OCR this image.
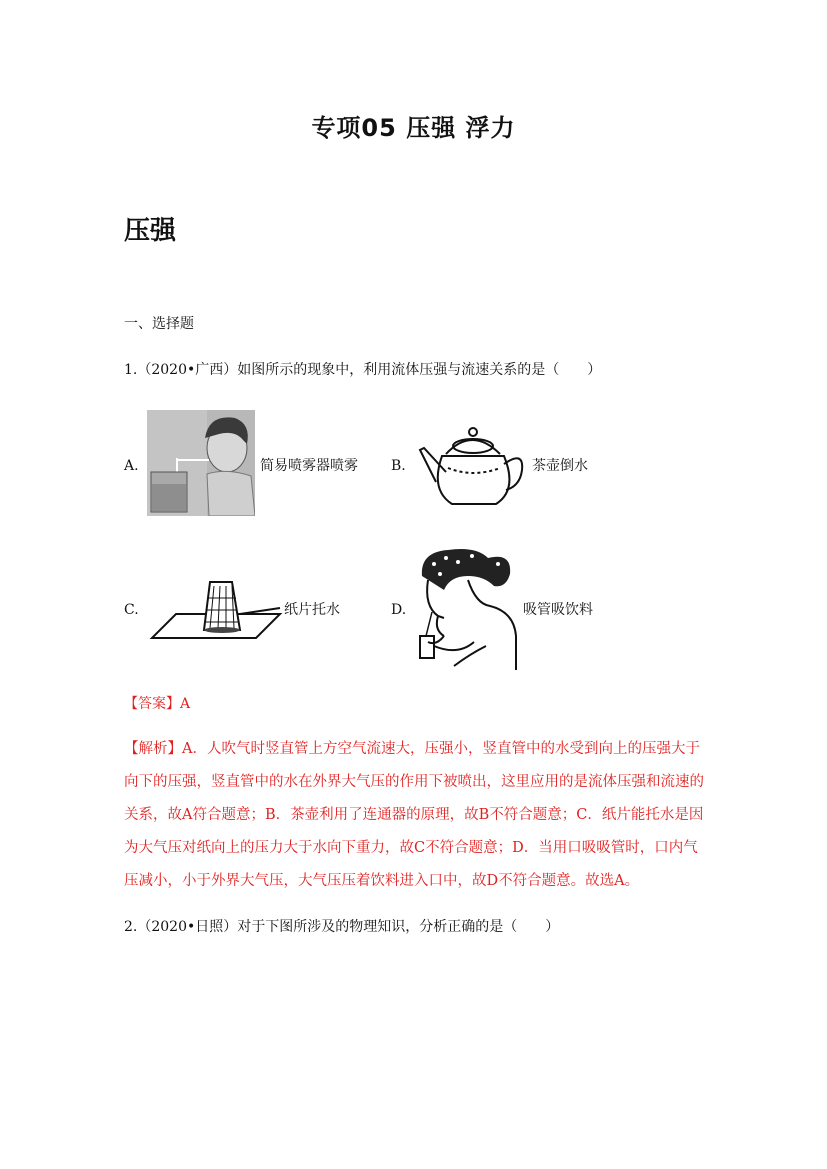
专项05 压强 浮力
压强
一、选择题
1.（2020•广西）如图所示的现象中，利用流体压强与流速关系的是（　　）
A.	简易喷雾器喷雾 B.	茶壶倒水
C.	纸片托水	D.	吸管吸饮料
【答案】A
【解析】A．人吹气时竖直管上方空气流速大，压强小，竖直管中的水受到向上的压强大于向下的压强，竖直管中的水在外界大气压的作用下被喷出，这里应用的是流体压强和流速的关系，故A符合题意；B．茶壶利用了连通器的原理，故B不符合题意；C．纸片能托水是因为大气压对纸向上的压力大于水向下重力，故C不符合题意；D．当用口吸吸管时，口内气压减小，小于外界大气压，大气压压着饮料进入口中，故D不符合题意。故选A。
2.（2020•日照）对于下图所涉及的物理知识，分析正确的是（　　）
